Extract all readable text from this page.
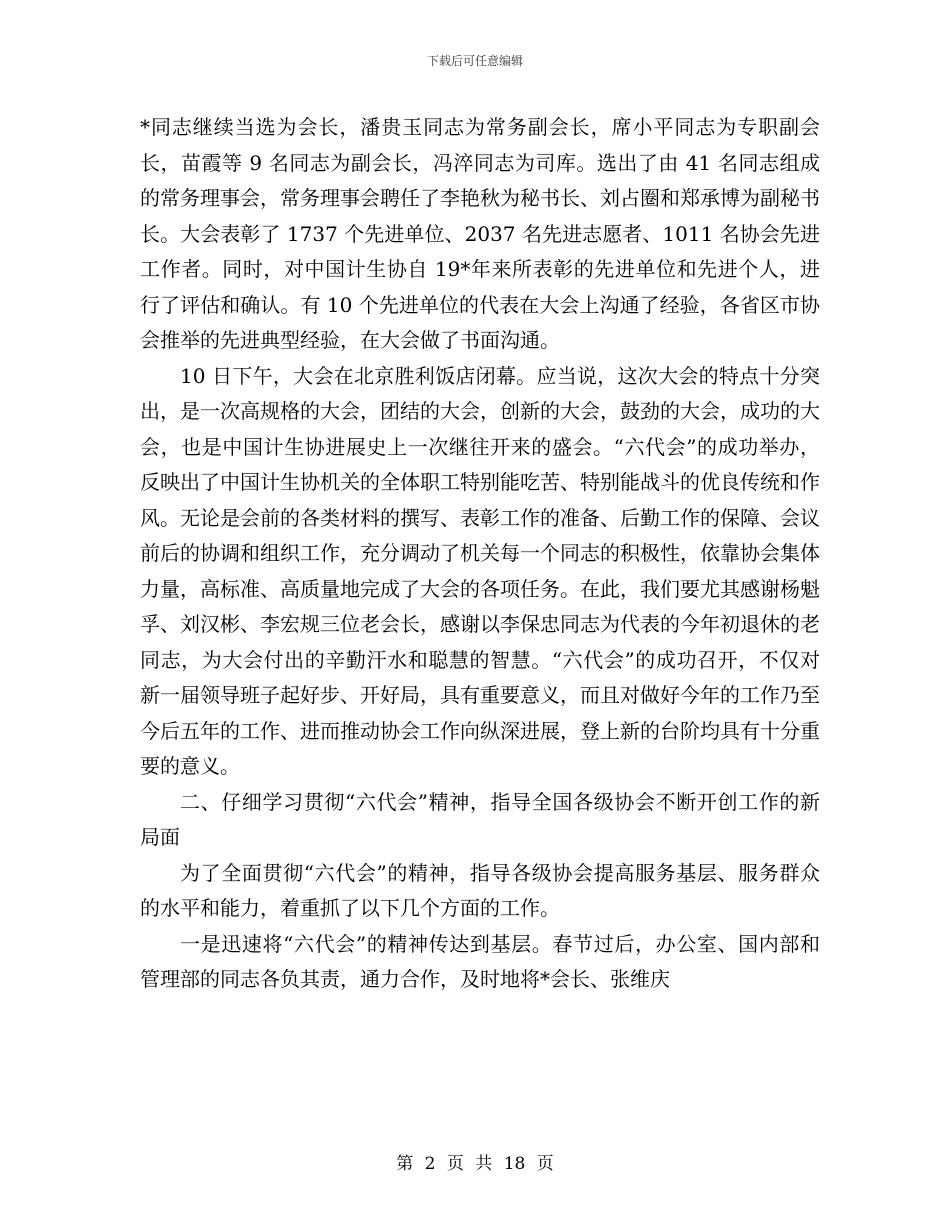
下载后可任意编辑

*同志继续当选为会长，潘贵玉同志为常务副会长，席小平同志为专职副会长，苗霞等 9 名同志为副会长，冯淬同志为司库。选出了由 41 名同志组成的常务理事会，常务理事会聘任了李艳秋为秘书长、刘占圈和郑承博为副秘书长。大会表彰了 1737 个先进单位、2037 名先进志愿者、1011 名协会先进工作者。同时，对中国计生协自 19*年来所表彰的先进单位和先进个人，进行了评估和确认。有 10 个先进单位的代表在大会上沟通了经验，各省区市协会推举的先进典型经验，在大会做了书面沟通。

10 日下午，大会在北京胜利饭店闭幕。应当说，这次大会的特点十分突出，是一次高规格的大会，团结的大会，创新的大会，鼓劲的大会，成功的大会，也是中国计生协进展史上一次继往开来的盛会。“六代会”的成功举办，反映出了中国计生协机关的全体职工特别能吃苦、特别能战斗的优良传统和作风。无论是会前的各类材料的撰写、表彰工作的准备、后勤工作的保障、会议前后的协调和组织工作，充分调动了机关每一个同志的积极性，依靠协会集体力量，高标准、高质量地完成了大会的各项任务。在此，我们要尤其感谢杨魁孚、刘汉彬、李宏规三位老会长，感谢以李保忠同志为代表的今年初退休的老同志，为大会付出的辛勤汗水和聪慧的智慧。“六代会”的成功召开，不仅对新一届领导班子起好步、开好局，具有重要意义，而且对做好今年的工作乃至今后五年的工作、进而推动协会工作向纵深进展，登上新的台阶均具有十分重要的意义。

二、仔细学习贯彻“六代会”精神，指导全国各级协会不断开创工作的新局面

为了全面贯彻“六代会”的精神，指导各级协会提高服务基层、服务群众的水平和能力，着重抓了以下几个方面的工作。

一是迅速将“六代会”的精神传达到基层。春节过后，办公室、国内部和管理部的同志各负其责，通力合作，及时地将*会长、张维庆

第 2 页 共 18 页
